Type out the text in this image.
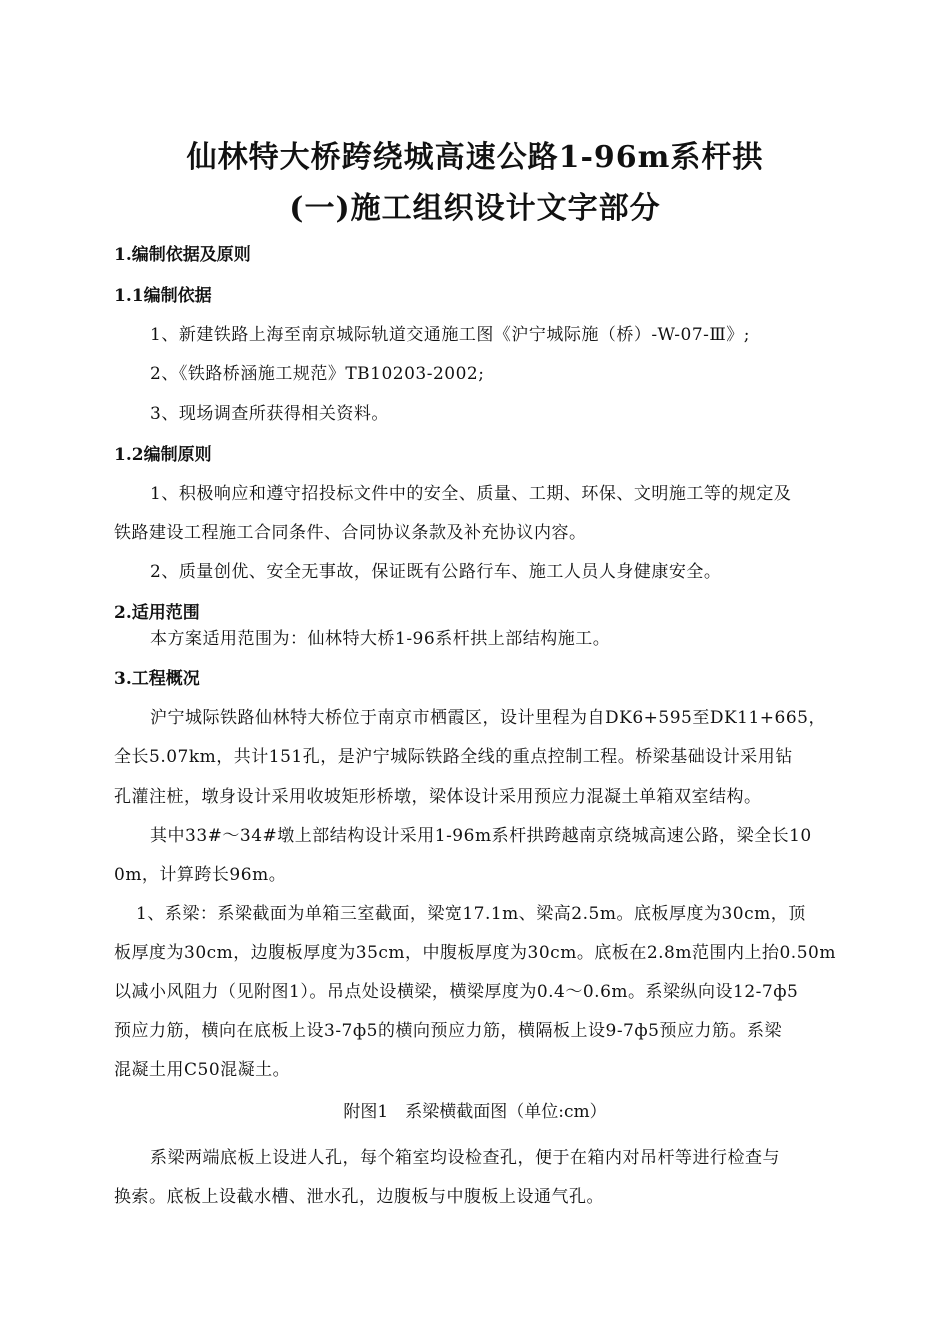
仙林特大桥跨绕城高速公路1-96m系杆拱
(一)施工组织设计文字部分
1.编制依据及原则
1.1编制依据
1、新建铁路上海至南京城际轨道交通施工图《沪宁城际施（桥）-W-07-Ⅲ》;
2、《铁路桥涵施工规范》TB10203-2002;
3、现场调查所获得相关资料。
1.2编制原则
1、积极响应和遵守招投标文件中的安全、质量、工期、环保、文明施工等的规定及
铁路建设工程施工合同条件、合同协议条款及补充协议内容。
2、质量创优、安全无事故，保证既有公路行车、施工人员人身健康安全。
2.适用范围
本方案适用范围为：仙林特大桥1-96系杆拱上部结构施工。
3.工程概况
沪宁城际铁路仙林特大桥位于南京市栖霞区，设计里程为自DK6+595至DK11+665，
全长5.07km，共计151孔，是沪宁城际铁路全线的重点控制工程。桥梁基础设计采用钻
孔灌注桩，墩身设计采用收坡矩形桥墩，梁体设计采用预应力混凝土单箱双室结构。
其中33#～34#墩上部结构设计采用1-96m系杆拱跨越南京绕城高速公路，梁全长10
0m，计算跨长96m。
1、系梁：系梁截面为单箱三室截面，梁宽17.1m、梁高2.5m。底板厚度为30cm，顶
板厚度为30cm，边腹板厚度为35cm，中腹板厚度为30cm。底板在2.8m范围内上抬0.50m
以减小风阻力（见附图1）。吊点处设横梁，横梁厚度为0.4～0.6m。系梁纵向设12-7ф5
预应力筋，横向在底板上设3-7ф5的横向预应力筋，横隔板上设9-7ф5预应力筋。系梁
混凝土用C50混凝土。
附图1　系梁横截面图（单位:cm）
系梁两端底板上设进人孔，每个箱室均设检查孔，便于在箱内对吊杆等进行检查与
换索。底板上设截水槽、泄水孔，边腹板与中腹板上设通气孔。
